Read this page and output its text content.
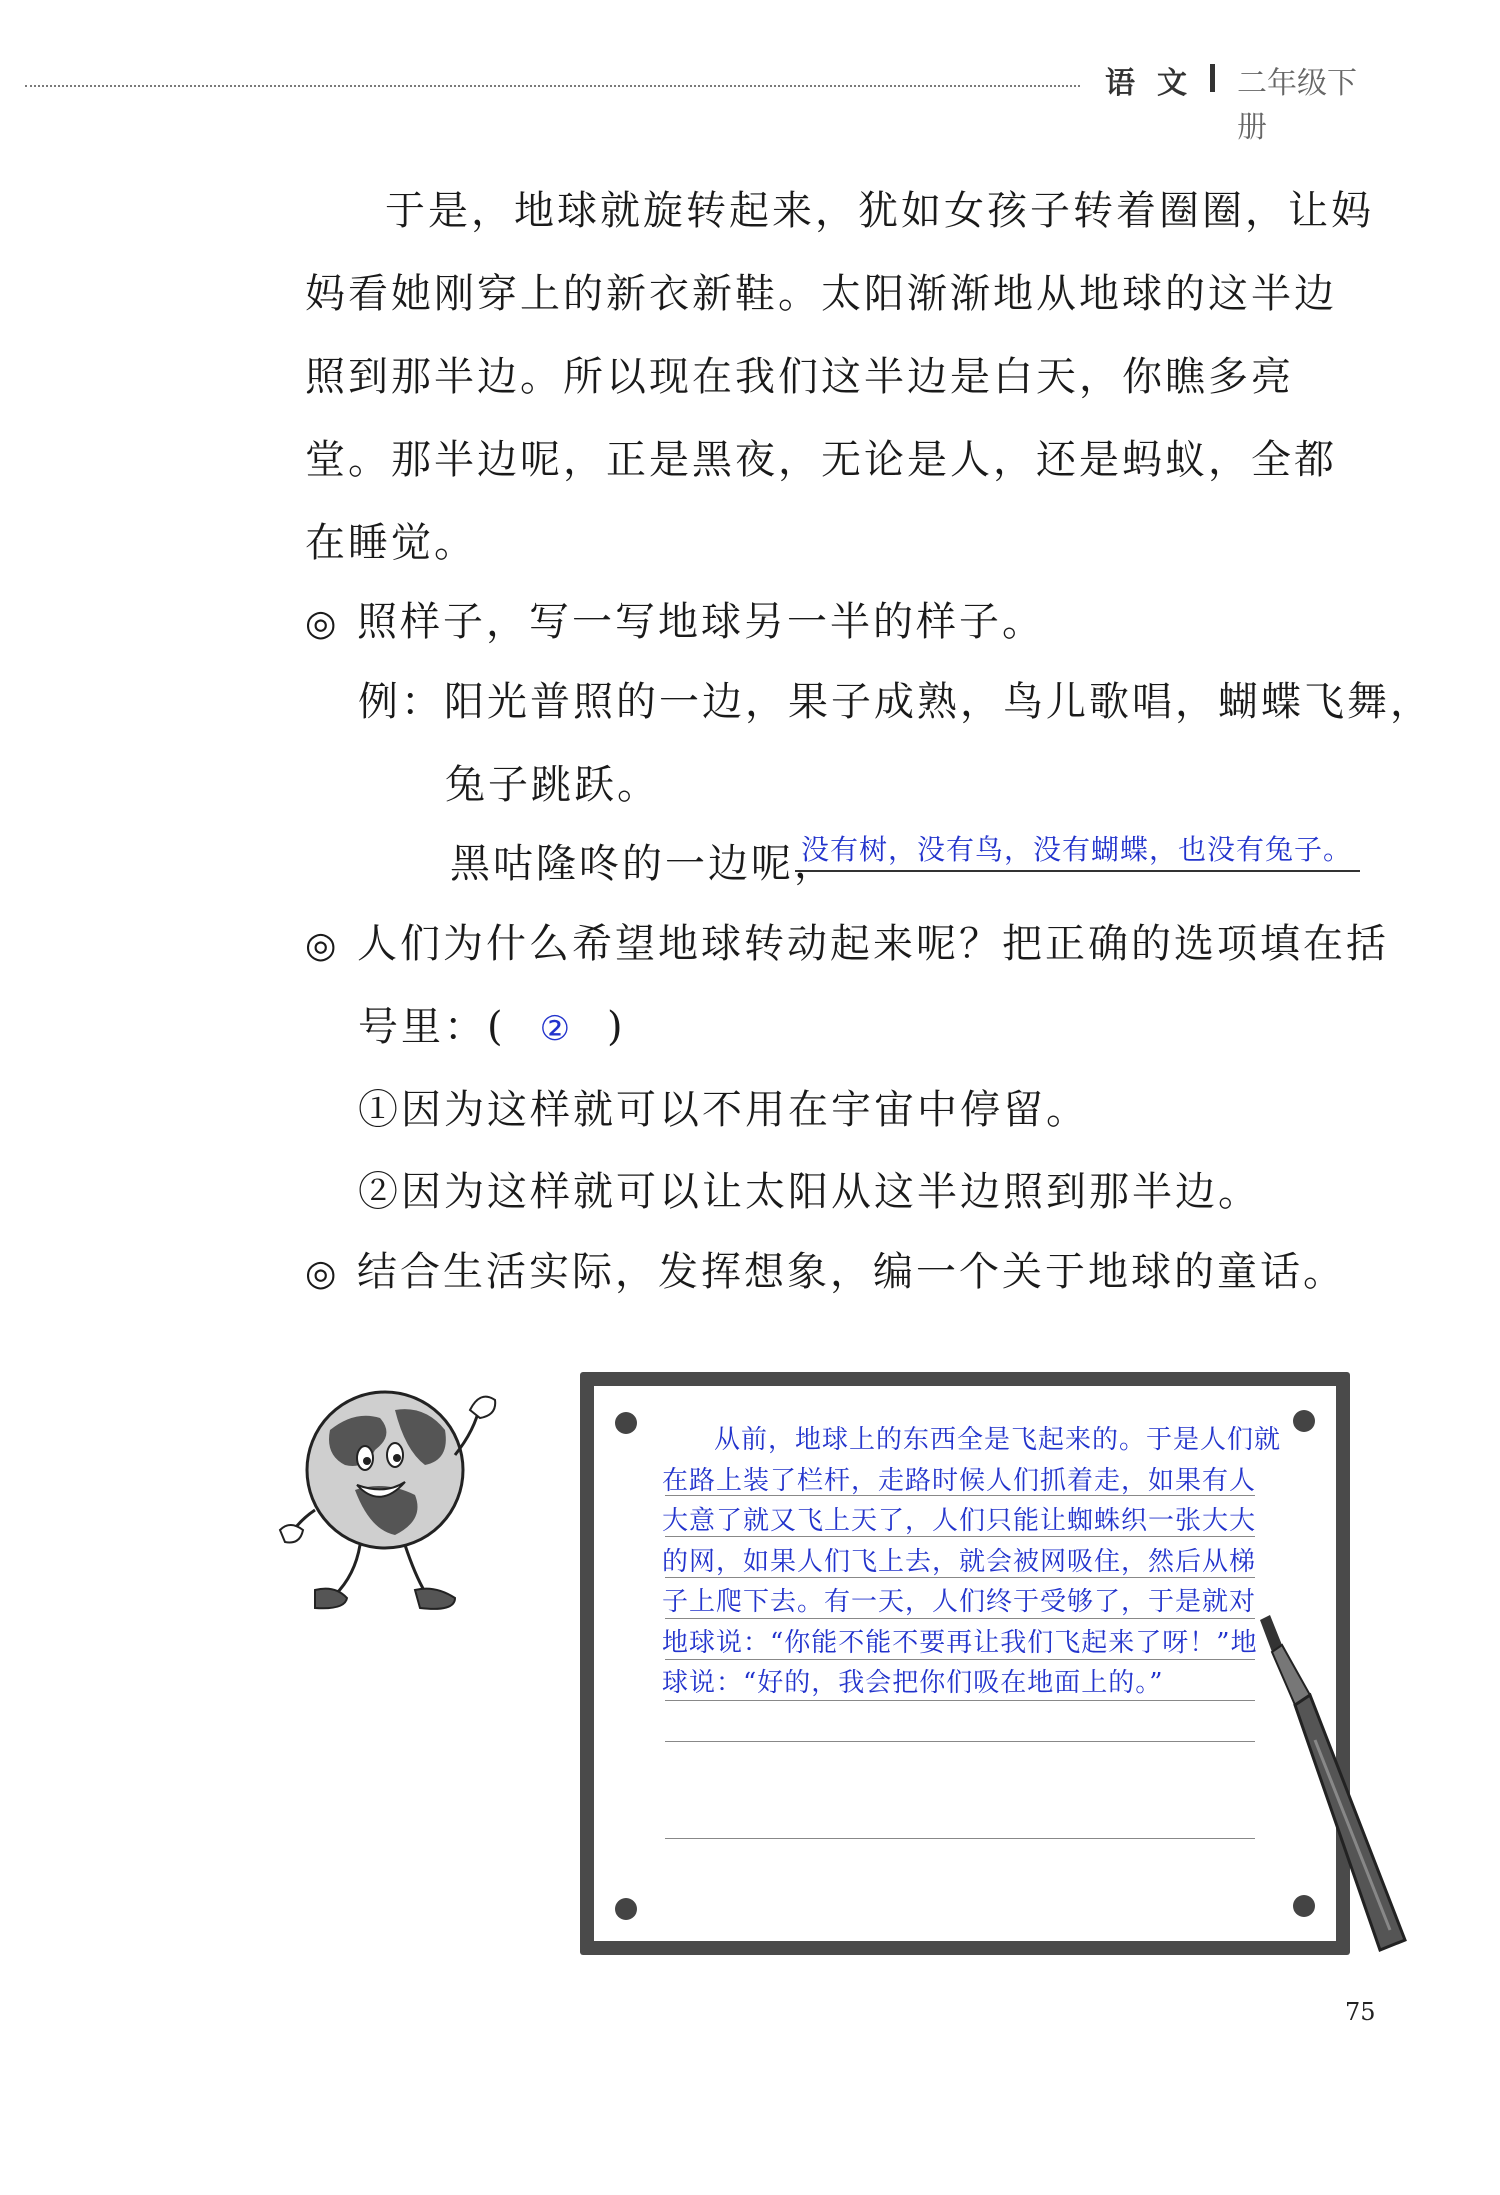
语文 二年级下册

于是，地球就旋转起来，犹如女孩子转着圈圈，让妈妈看她刚穿上的新衣新鞋。太阳渐渐地从地球的这半边照到那半边。所以现在我们这半边是白天，你瞧多亮堂。那半边呢，正是黑夜，无论是人，还是蚂蚁，全都在睡觉。

◎ 照样子，写一写地球另一半的样子。
例：阳光普照的一边，果子成熟，鸟儿歌唱，蝴蝶飞舞，
兔子跳跃。
黑咕隆咚的一边呢，
没有树，没有鸟，没有蝴蝶，也没有兔子。
◎ 人们为什么希望地球转动起来呢？把正确的选项填在括
号里：( ② )
①因为这样就可以不用在宇宙中停留。
②因为这样就可以让太阳从这半边照到那半边。
◎ 结合生活实际，发挥想象，编一个关于地球的童话。

从前，地球上的东西全是飞起来的。于是人们就在路上装了栏杆，走路时候人们抓着走，如果有人大意了就又飞上天了，人们只能让蜘蛛织一张大大的网，如果人们飞上去，就会被网吸住，然后从梯子上爬下去。有一天，人们终于受够了，于是就对地球说：“你能不能不要再让我们飞起来了呀！”地球说：“好的，我会把你们吸在地面上的。”

75
